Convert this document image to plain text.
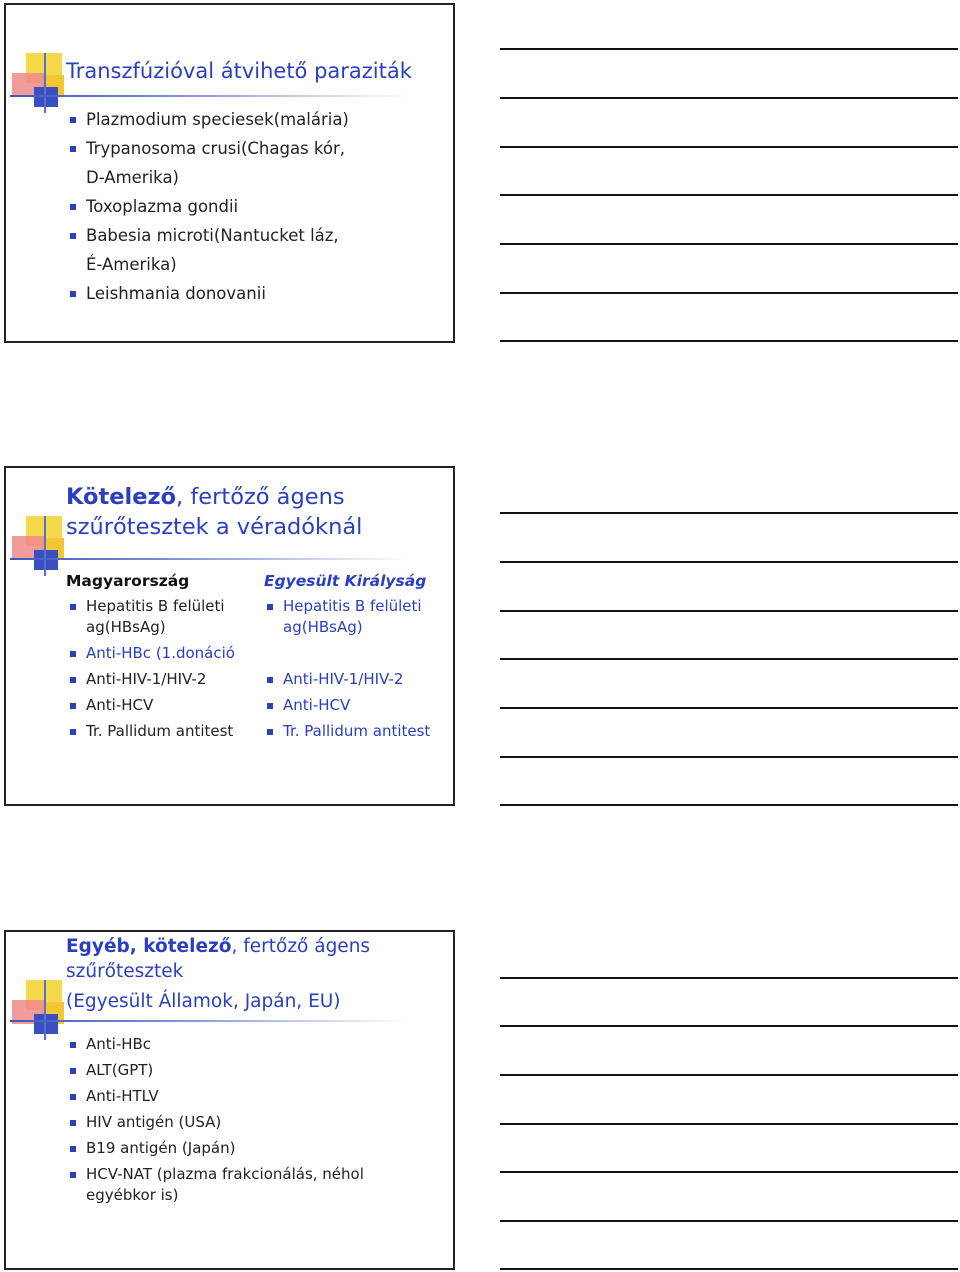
Transzfúzióval átvihető paraziták
Plazmodium speciesek(malária)
Trypanosoma crusi(Chagas kór,
D-Amerika)
Toxoplazma gondii
Babesia microti(Nantucket láz,
É-Amerika)
Leishmania donovanii
Kötelező, fertőző ágens
szűrőtesztek a véradóknál
Magyarország
Hepatitis B felületi
ag(HBsAg)
Anti-HBc (1.donáció
Anti-HIV-1/HIV-2
Anti-HCV
Tr. Pallidum antitest
Egyesült Királyság
Hepatitis B felületi
ag(HBsAg)
Anti-HIV-1/HIV-2
Anti-HCV
Tr. Pallidum antitest
Egyéb, kötelező, fertőző ágens
szűrőtesztek
(Egyesült Államok, Japán, EU)
Anti-HBc
ALT(GPT)
Anti-HTLV
HIV antigén (USA)
B19 antigén (Japán)
HCV-NAT (plazma frakcionálás, néhol
egyébkor is)
